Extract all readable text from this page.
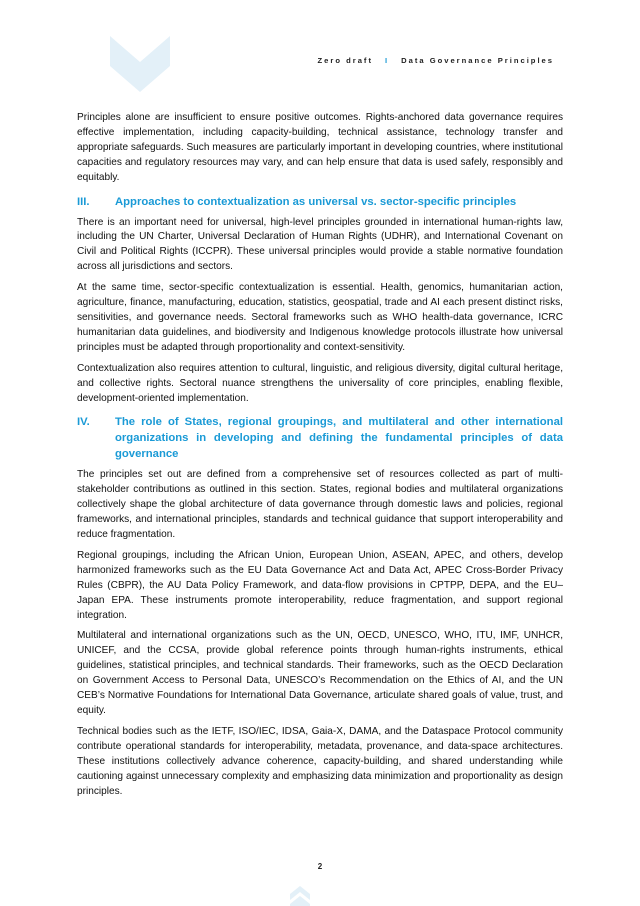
Zero draft I Data Governance Principles

Principles alone are insufficient to ensure positive outcomes. Rights-anchored data governance requires effective implementation, including capacity-building, technical assistance, technology transfer and appropriate safeguards. Such measures are particularly important in developing countries, where institutional capacities and regulatory resources may vary, and can help ensure that data is used safely, responsibly and equitably.

III.	Approaches to contextualization as universal vs. sector-specific principles

There is an important need for universal, high-level principles grounded in international human-rights law, including the UN Charter, Universal Declaration of Human Rights (UDHR), and International Covenant on Civil and Political Rights (ICCPR). These universal principles would provide a stable normative foundation across all jurisdictions and sectors.

At the same time, sector-specific contextualization is essential. Health, genomics, humanitarian action, agriculture, finance, manufacturing, education, statistics, geospatial, trade and AI each present distinct risks, sensitivities, and governance needs. Sectoral frameworks such as WHO health-data governance, ICRC humanitarian data guidelines, and biodiversity and Indigenous knowledge protocols illustrate how universal principles must be adapted through proportionality and context-sensitivity.

Contextualization also requires attention to cultural, linguistic, and religious diversity, digital cultural heritage, and collective rights. Sectoral nuance strengthens the universality of core principles, enabling flexible, development-oriented implementation.

IV.	The role of States, regional groupings, and multilateral and other international organizations in developing and defining the fundamental principles of data governance

The principles set out are defined from a comprehensive set of resources collected as part of multi-stakeholder contributions as outlined in this section. States, regional bodies and multilateral organizations collectively shape the global architecture of data governance through domestic laws and policies, regional frameworks, and international principles, standards and technical guidance that support interoperability and reduce fragmentation.

Regional groupings, including the African Union, European Union, ASEAN, APEC, and others, develop harmonized frameworks such as the EU Data Governance Act and Data Act, APEC Cross-Border Privacy Rules (CBPR), the AU Data Policy Framework, and data-flow provisions in CPTPP, DEPA, and the EU–Japan EPA. These instruments promote interoperability, reduce fragmentation, and support regional integration.

Multilateral and international organizations such as the UN, OECD, UNESCO, WHO, ITU, IMF, UNHCR, UNICEF, and the CCSA, provide global reference points through human-rights instruments, ethical guidelines, statistical principles, and technical standards. Their frameworks, such as the OECD Declaration on Government Access to Personal Data, UNESCO’s Recommendation on the Ethics of AI, and the UN CEB’s Normative Foundations for International Data Governance, articulate shared goals of value, trust, and equity.

Technical bodies such as the IETF, ISO/IEC, IDSA, Gaia-X, DAMA, and the Dataspace Protocol community contribute operational standards for interoperability, metadata, provenance, and data-space architectures. These institutions collectively advance coherence, capacity-building, and shared understanding while cautioning against unnecessary complexity and emphasizing data minimization and proportionality as design principles.

2
